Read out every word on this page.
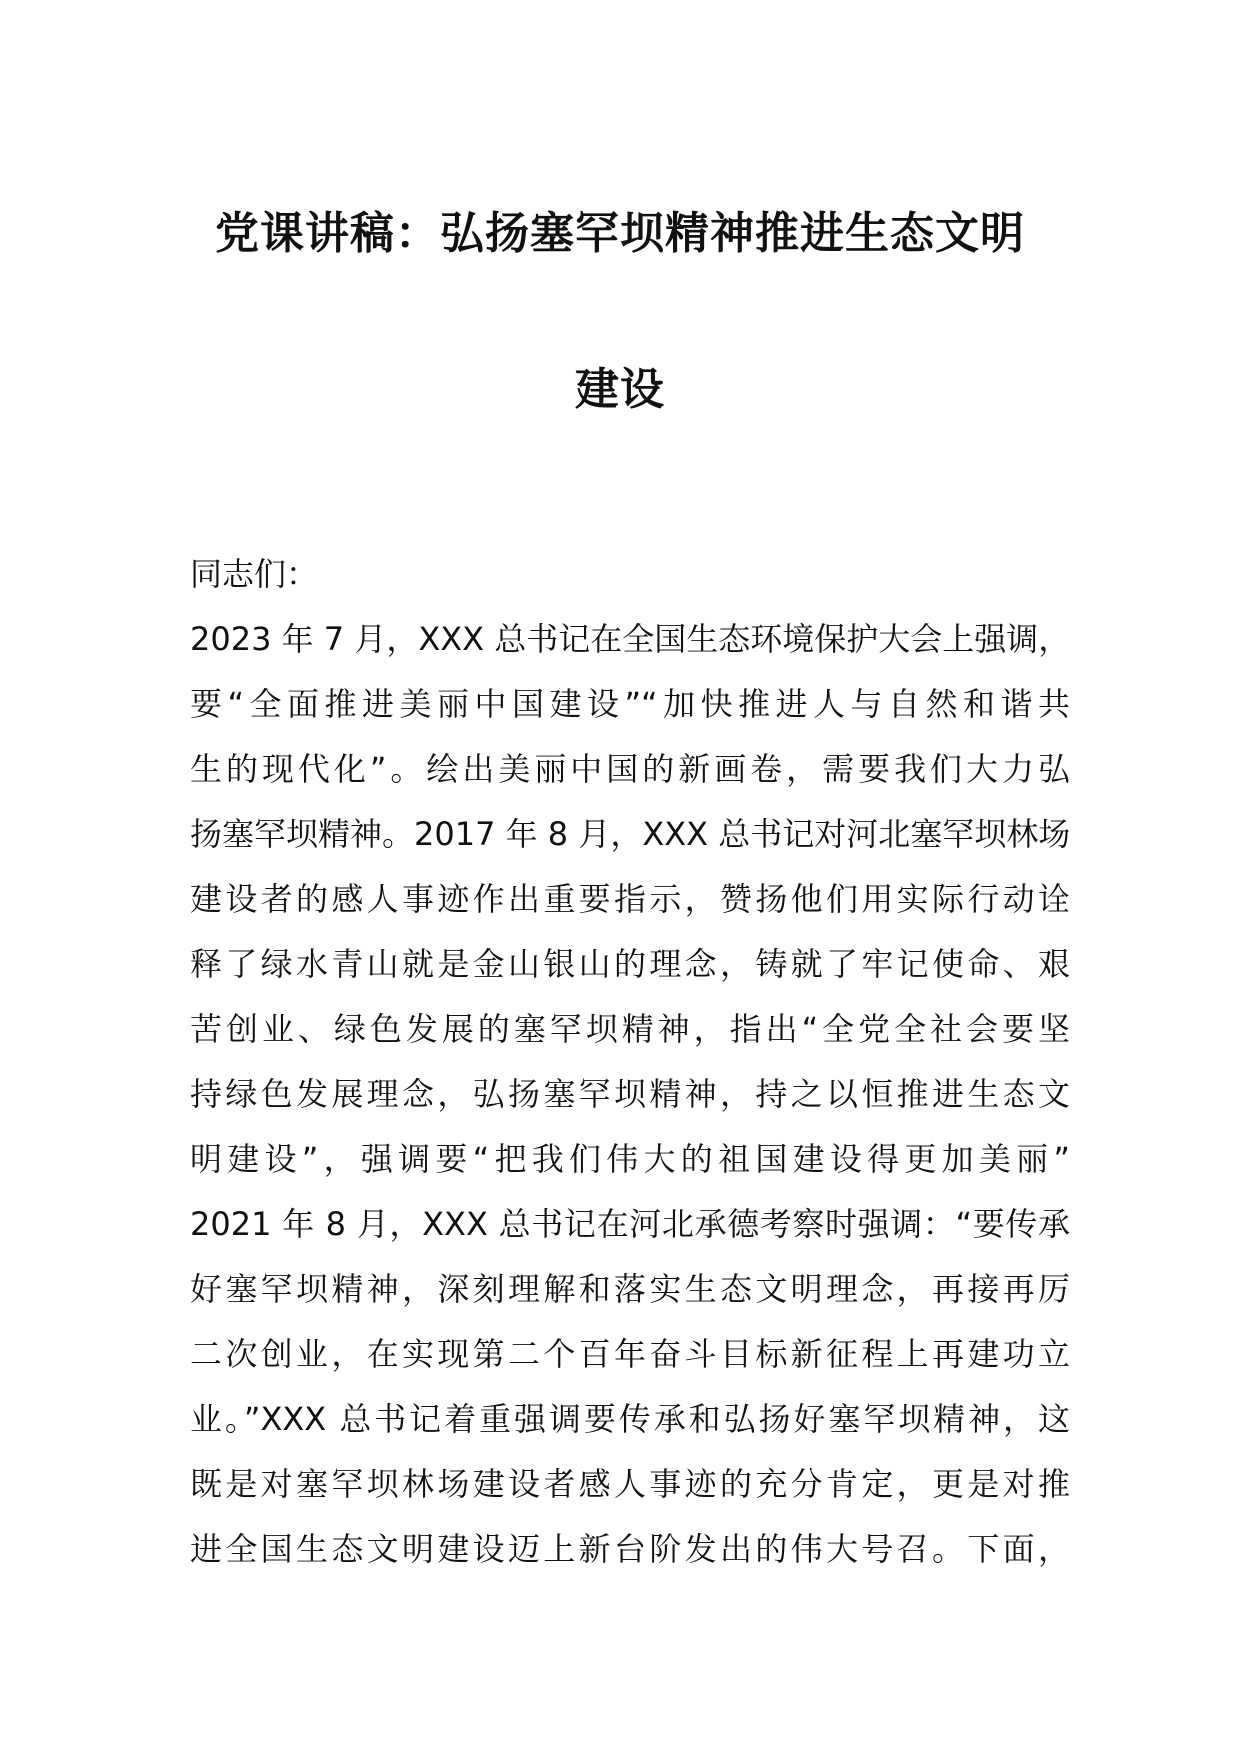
党课讲稿：弘扬塞罕坝精神推进生态文明
建设
同志们：
2023 年 7 月，XXX 总书记在全国生态环境保护大会上强调，
要“全面推进美丽中国建设”“加快推进人与自然和谐共
生的现代化”。绘出美丽中国的新画卷，需要我们大力弘
扬塞罕坝精神。2017 年 8 月，XXX 总书记对河北塞罕坝林场
建设者的感人事迹作出重要指示，赞扬他们用实际行动诠
释了绿水青山就是金山银山的理念，铸就了牢记使命、艰
苦创业、绿色发展的塞罕坝精神，指出“全党全社会要坚
持绿色发展理念，弘扬塞罕坝精神，持之以恒推进生态文
明建设”，强调要“把我们伟大的祖国建设得更加美丽”
2021 年 8 月，XXX 总书记在河北承德考察时强调：“要传承
好塞罕坝精神，深刻理解和落实生态文明理念，再接再厉
二次创业，在实现第二个百年奋斗目标新征程上再建功立
业。”XXX 总书记着重强调要传承和弘扬好塞罕坝精神，这
既是对塞罕坝林场建设者感人事迹的充分肯定，更是对推
进全国生态文明建设迈上新台阶发出的伟大号召。下面，
